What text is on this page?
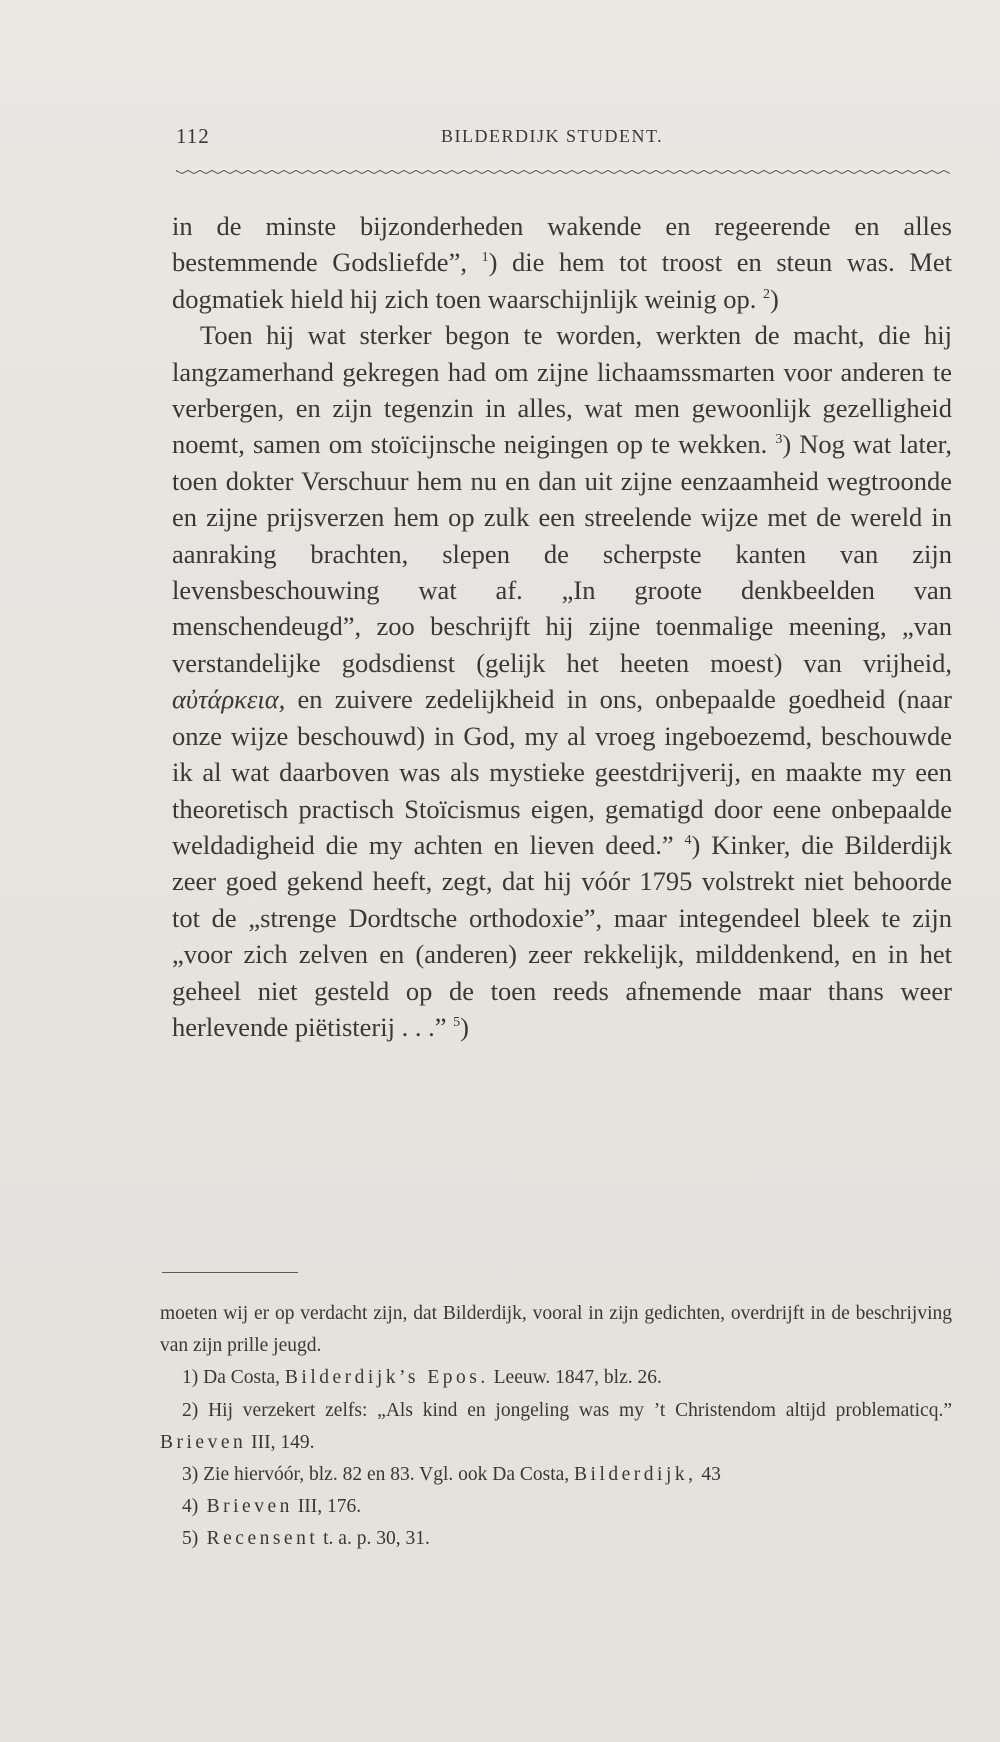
112	BILDERDIJK STUDENT.

in de minste bijzonderheden wakende en regeerende en alles bestemmende Godsliefde”, $^1$) die hem tot troost en steun was. Met dogmatiek hield hij zich toen waarschijnlijk weinig op. $^2$)

Toen hij wat sterker begon te worden, werkten de macht, die hij langzamerhand gekregen had om zijne lichaamssmarten voor anderen te verbergen, en zijn tegenzin in alles, wat men gewoonlijk gezelligheid noemt, samen om stoïcijnsche neigingen op te wekken. $^3$) Nog wat later, toen dokter Verschuur hem nu en dan uit zijne eenzaamheid wegtroonde en zijne prijsverzen hem op zulk een streelende wijze met de wereld in aanraking brachten, slepen de scherpste kanten van zijn levensbeschouwing wat af. „In groote denkbeelden van menschendeugd”, zoo beschrijft hij zijne toenmalige meening, „van verstandelijke godsdienst (gelijk het heeten moest) van vrijheid, αὐτάρκεια, en zuivere zedelijkheid in ons, onbepaalde goedheid (naar onze wijze beschouwd) in God, my al vroeg ingeboezemd, beschouwde ik al wat daarboven was als mystieke geestdrijverij, en maakte my een theoretisch practisch Stoïcismus eigen, gematigd door eene onbepaalde weldadigheid die my achten en lieven deed.” $^4$) Kinker, die Bilderdijk zeer goed gekend heeft, zegt, dat hij vóór 1795 volstrekt niet behoorde tot de „strenge Dordtsche orthodoxie”, maar integendeel bleek te zijn „voor zich zelven en (anderen) zeer rekkelijk, milddenkend, en in het geheel niet gesteld op de toen reeds afnemende maar thans weer herlevende piëtisterij . . .” $^5$)

moeten wij er op verdacht zijn, dat Bilderdijk, vooral in zijn gedichten, overdrijft in de beschrijving van zijn prille jeugd.

1) Da Costa, Bilderdijk’s Epos. Leeuw. 1847, blz. 26.

2) Hij verzekert zelfs: „Als kind en jongeling was my ’t Christendom altijd problematicq.” Brieven III, 149.

3) Zie hiervóór, blz. 82 en 83. Vgl. ook Da Costa, Bilderdijk, 43

4) Brieven III, 176.

5) Recensent t. a. p. 30, 31.
